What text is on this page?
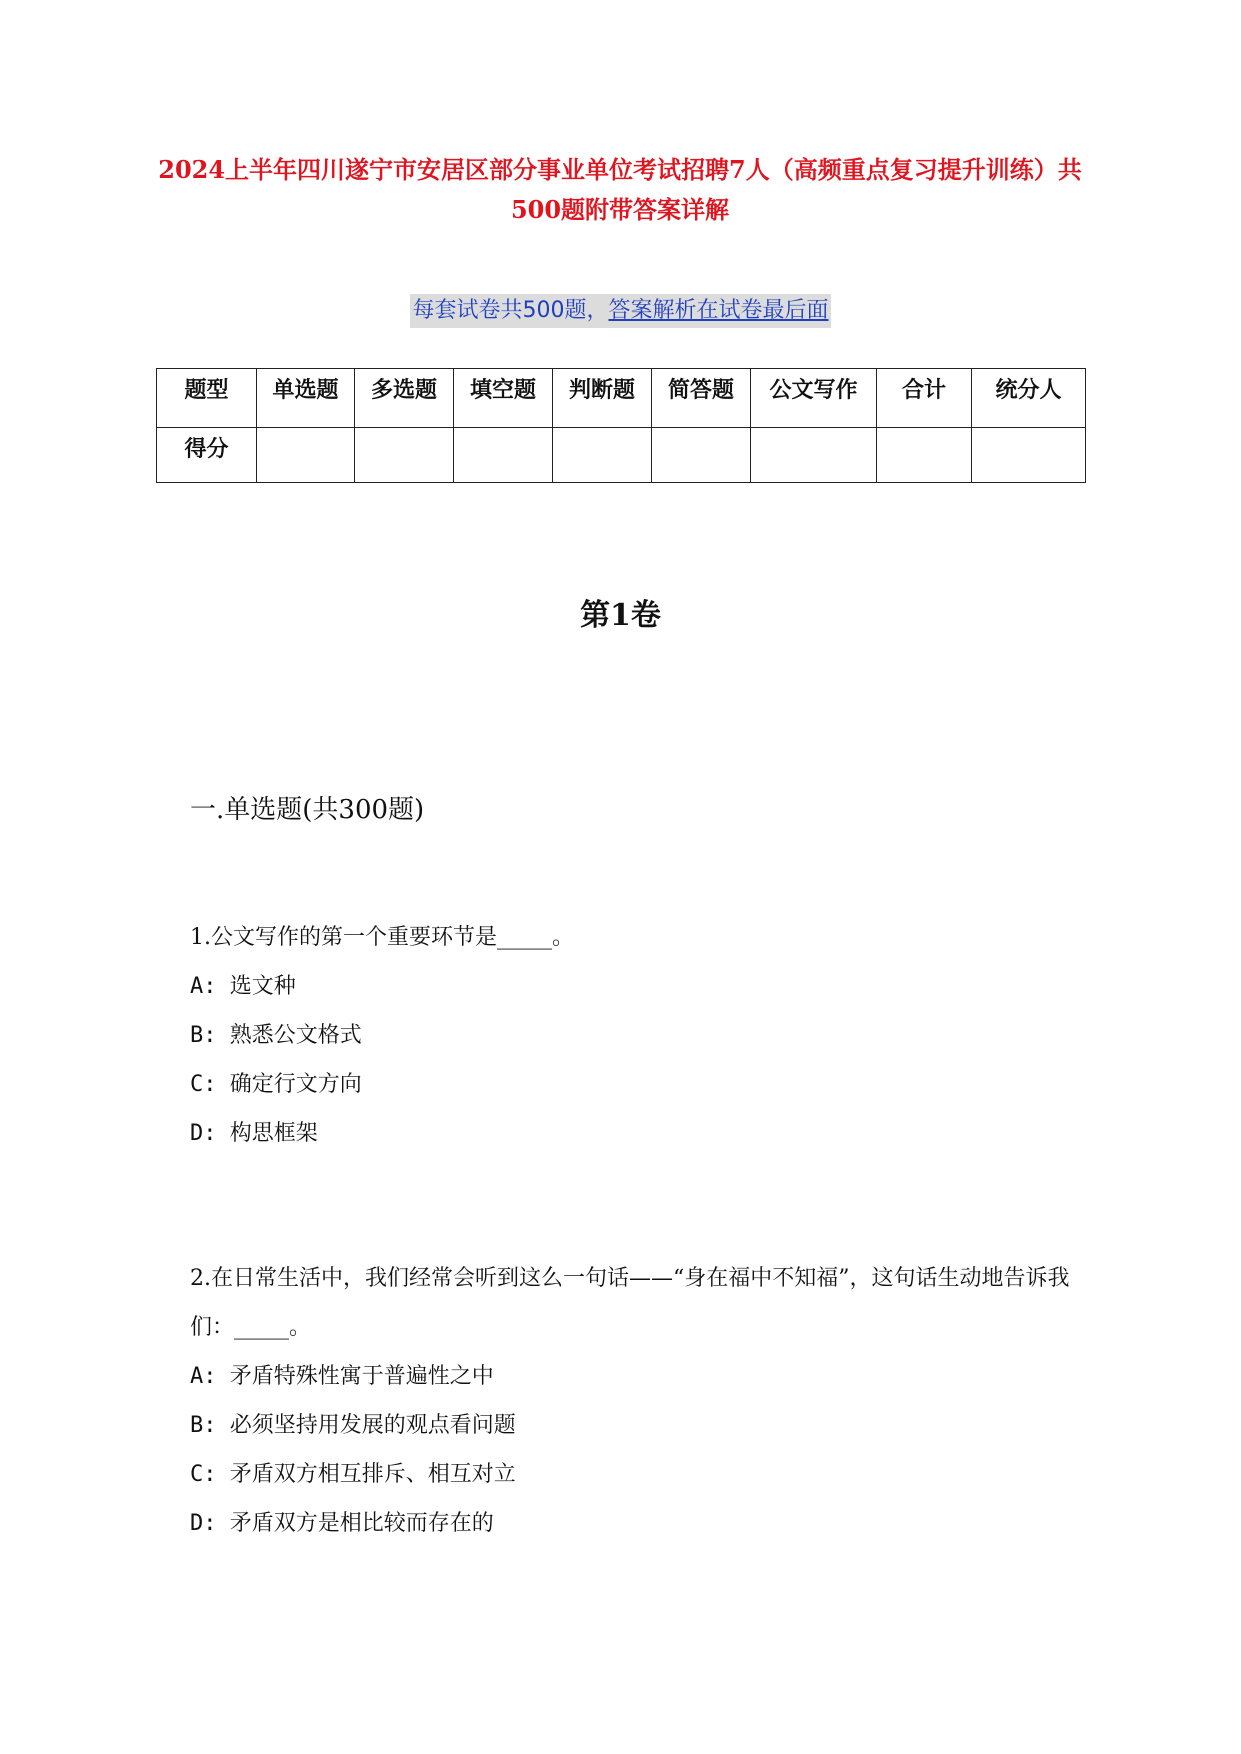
2024上半年四川遂宁市安居区部分事业单位考试招聘7人（高频重点复习提升训练）共500题附带答案详解
每套试卷共500题，答案解析在试卷最后面
题型	单选题	多选题	填空题	判断题	简答题	公文写作	合计	统分人
得分								
第1卷
一.单选题(共300题)

1.公文写作的第一个重要环节是_____。

A: 选文种

B: 熟悉公文格式

C: 确定行文方向

D: 构思框架

2.在日常生活中，我们经常会听到这么一句话——“身在福中不知福”，这句话生动地告诉我们：_____。

A: 矛盾特殊性寓于普遍性之中

B: 必须坚持用发展的观点看问题

C: 矛盾双方相互排斥、相互对立

D: 矛盾双方是相比较而存在的
